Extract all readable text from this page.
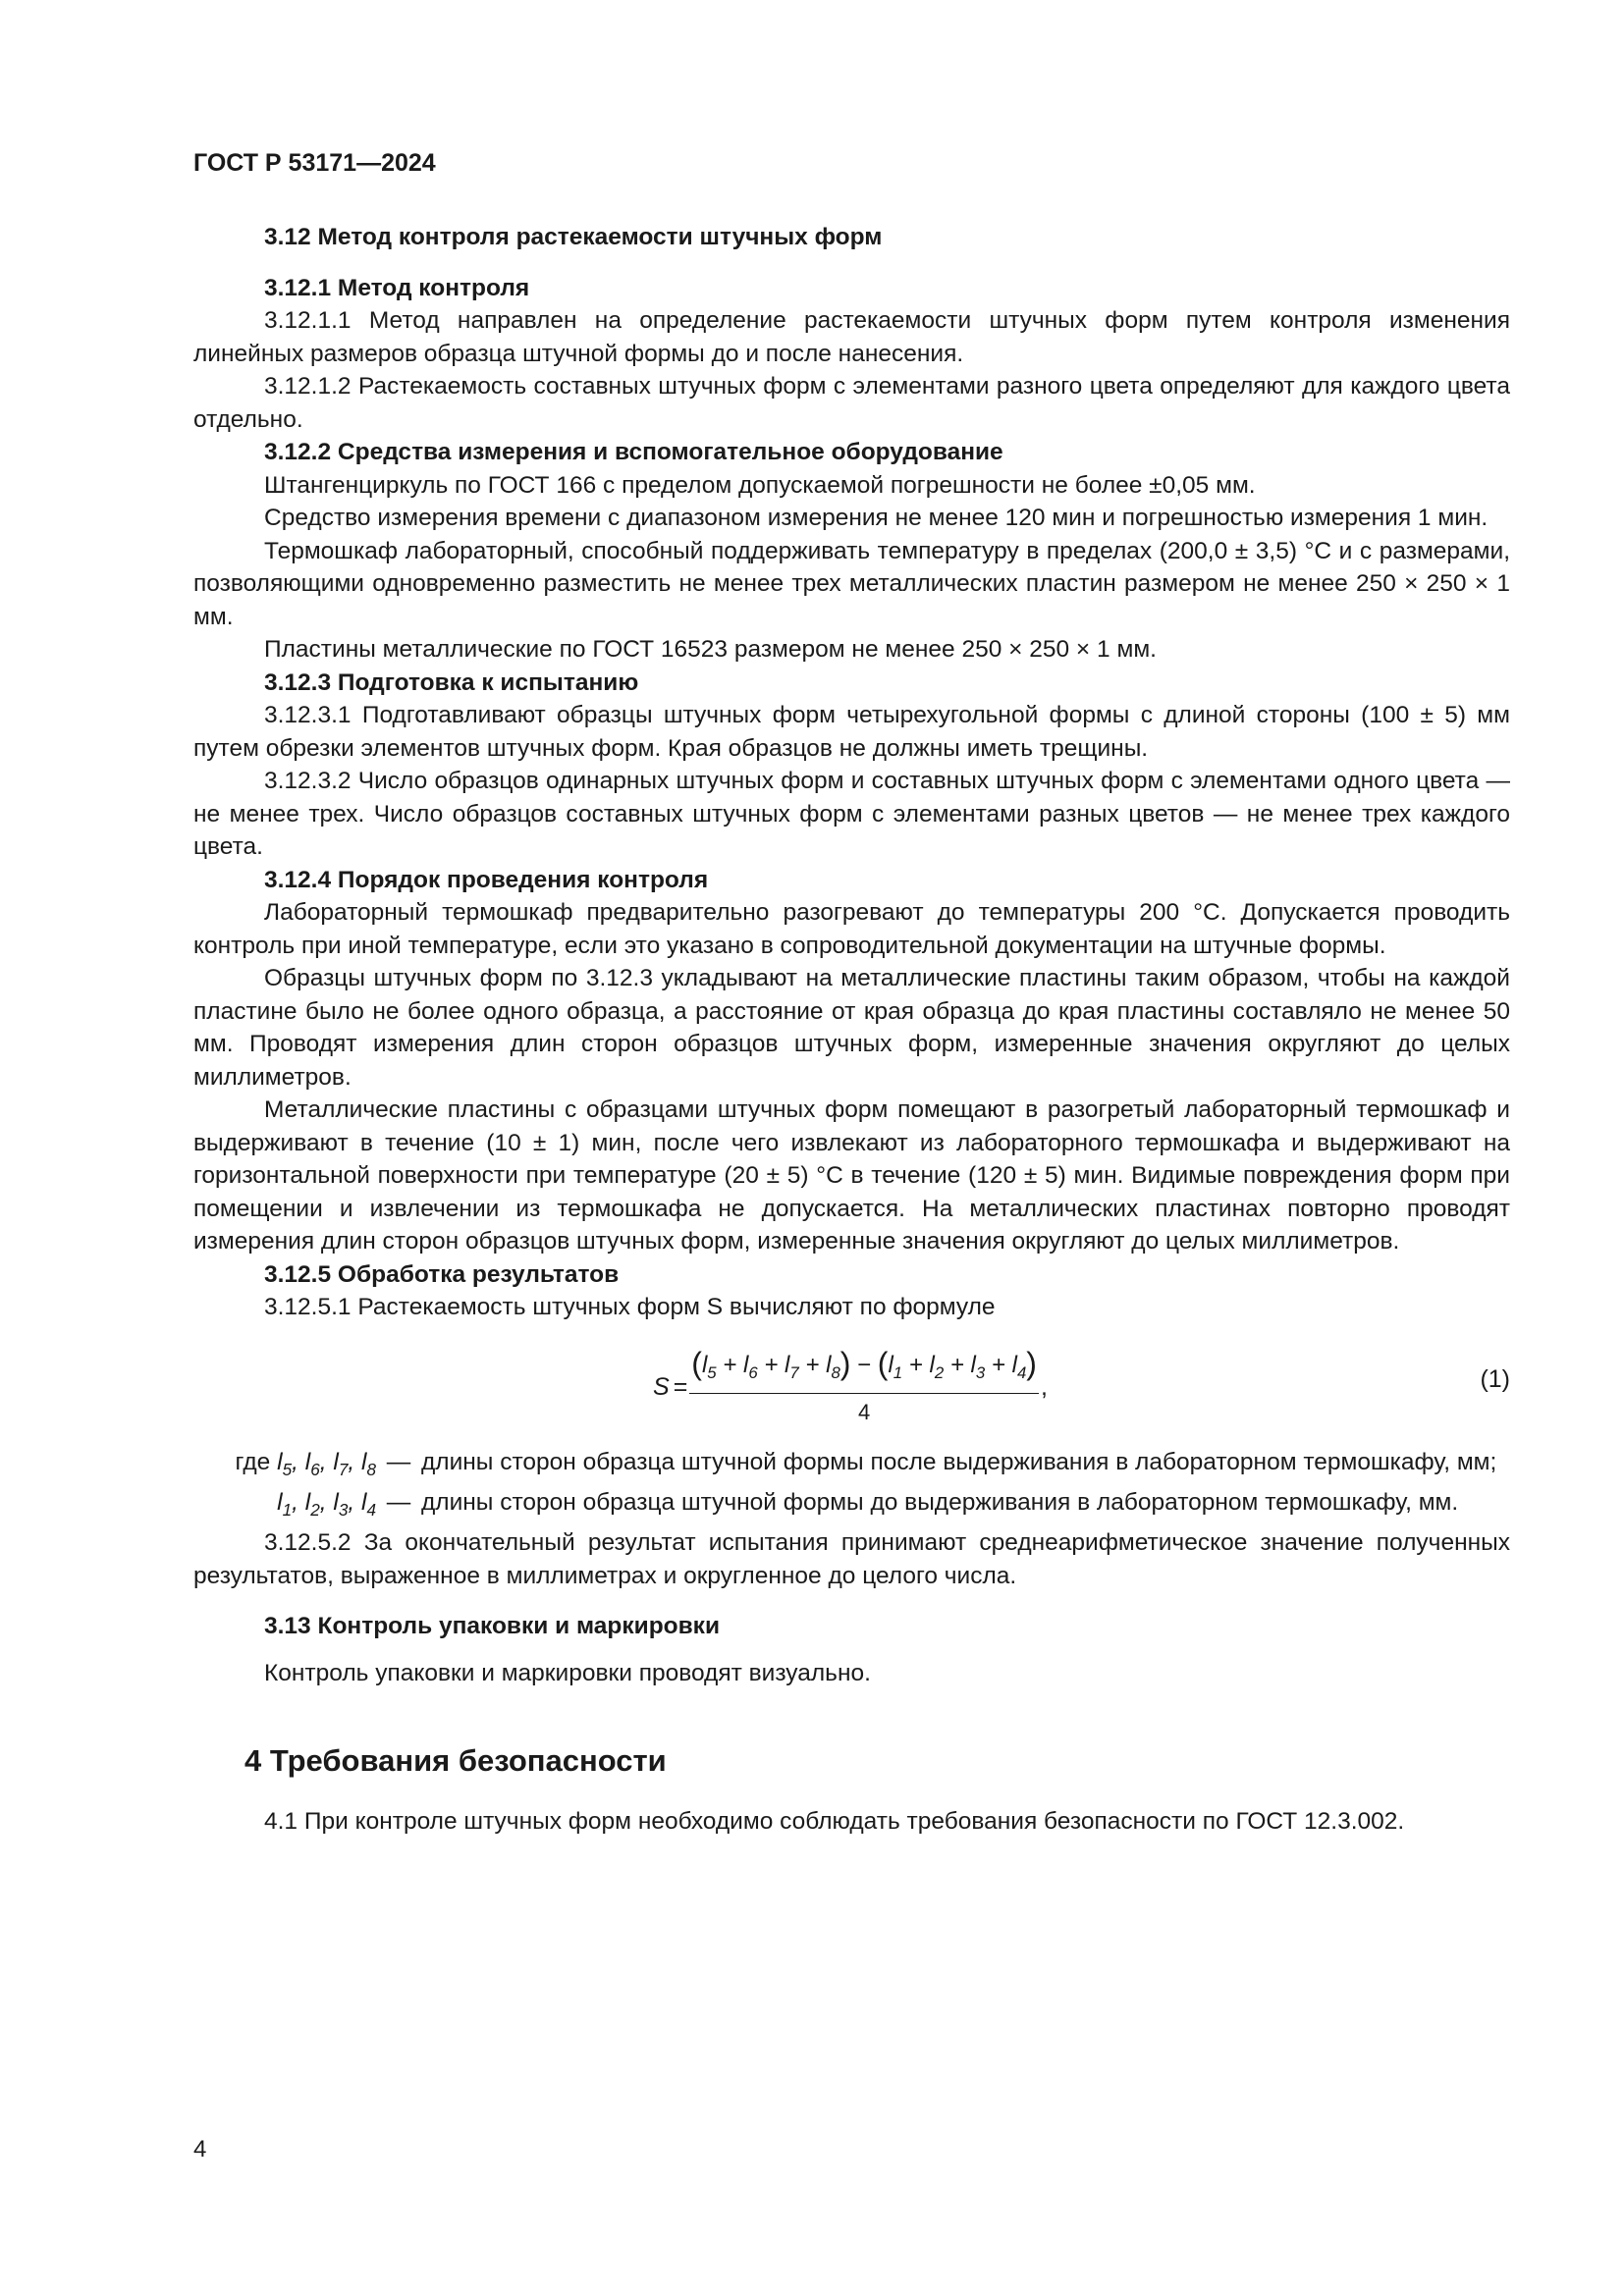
ГОСТ Р 53171—2024
3.12 Метод контроля растекаемости штучных форм
3.12.1 Метод контроля

3.12.1.1 Метод направлен на определение растекаемости штучных форм путем контроля изменения линейных размеров образца штучной формы до и после нанесения.

3.12.1.2 Растекаемость составных штучных форм с элементами разного цвета определяют для каждого цвета отдельно.

3.12.2 Средства измерения и вспомогательное оборудование

Штангенциркуль по ГОСТ 166 с пределом допускаемой погрешности не более ±0,05 мм.

Средство измерения времени с диапазоном измерения не менее 120 мин и погрешностью измерения 1 мин.

Термошкаф лабораторный, способный поддерживать температуру в пределах (200,0 ± 3,5) °С и с размерами, позволяющими одновременно разместить не менее трех металлических пластин размером не менее 250 × 250 × 1 мм.

Пластины металлические по ГОСТ 16523 размером не менее 250 × 250 × 1 мм.

3.12.3 Подготовка к испытанию

3.12.3.1 Подготавливают образцы штучных форм четырехугольной формы с длиной стороны (100 ± 5) мм путем обрезки элементов штучных форм. Края образцов не должны иметь трещины.

3.12.3.2 Число образцов одинарных штучных форм и составных штучных форм с элементами одного цвета — не менее трех. Число образцов составных штучных форм с элементами разных цветов — не менее трех каждого цвета.

3.12.4 Порядок проведения контроля

Лабораторный термошкаф предварительно разогревают до температуры 200 °С. Допускается проводить контроль при иной температуре, если это указано в сопроводительной документации на штучные формы.

Образцы штучных форм по 3.12.3 укладывают на металлические пластины таким образом, чтобы на каждой пластине было не более одного образца, а расстояние от края образца до края пластины составляло не менее 50 мм. Проводят измерения длин сторон образцов штучных форм, измеренные значения округляют до целых миллиметров.

Металлические пластины с образцами штучных форм помещают в разогретый лабораторный термошкаф и выдерживают в течение (10 ± 1) мин, после чего извлекают из лабораторного термошкафа и выдерживают на горизонтальной поверхности при температуре (20 ± 5) °С в течение (120 ± 5) мин. Видимые повреждения форм при помещении и извлечении из термошкафа не допускается. На металлических пластинах повторно проводят измерения длин сторон образцов штучных форм, измеренные значения округляют до целых миллиметров.

3.12.5 Обработка результатов

3.12.5.1 Растекаемость штучных форм S вычисляют по формуле

S =
$(l_5 + l_6 + l_7 + l_8) - (l_1 + l_2 + l_3 + l_4)$
4
,	(1)
где $l_5$, $l_6$, $l_7$, $l_8$ — длины сторон образца штучной формы после выдерживания в лабораторном термошкафу, мм;
$l_1$, $l_2$, $l_3$, $l_4$ — длины сторон образца штучной формы до выдерживания в лабораторном термошкафу, мм.

3.12.5.2 За окончательный результат испытания принимают среднеарифметическое значение полученных результатов, выраженное в миллиметрах и округленное до целого числа.

3.13 Контроль упаковки и маркировки

Контроль упаковки и маркировки проводят визуально.

4 Требования безопасности

4.1 При контроле штучных форм необходимо соблюдать требования безопасности по ГОСТ 12.3.002.

4
